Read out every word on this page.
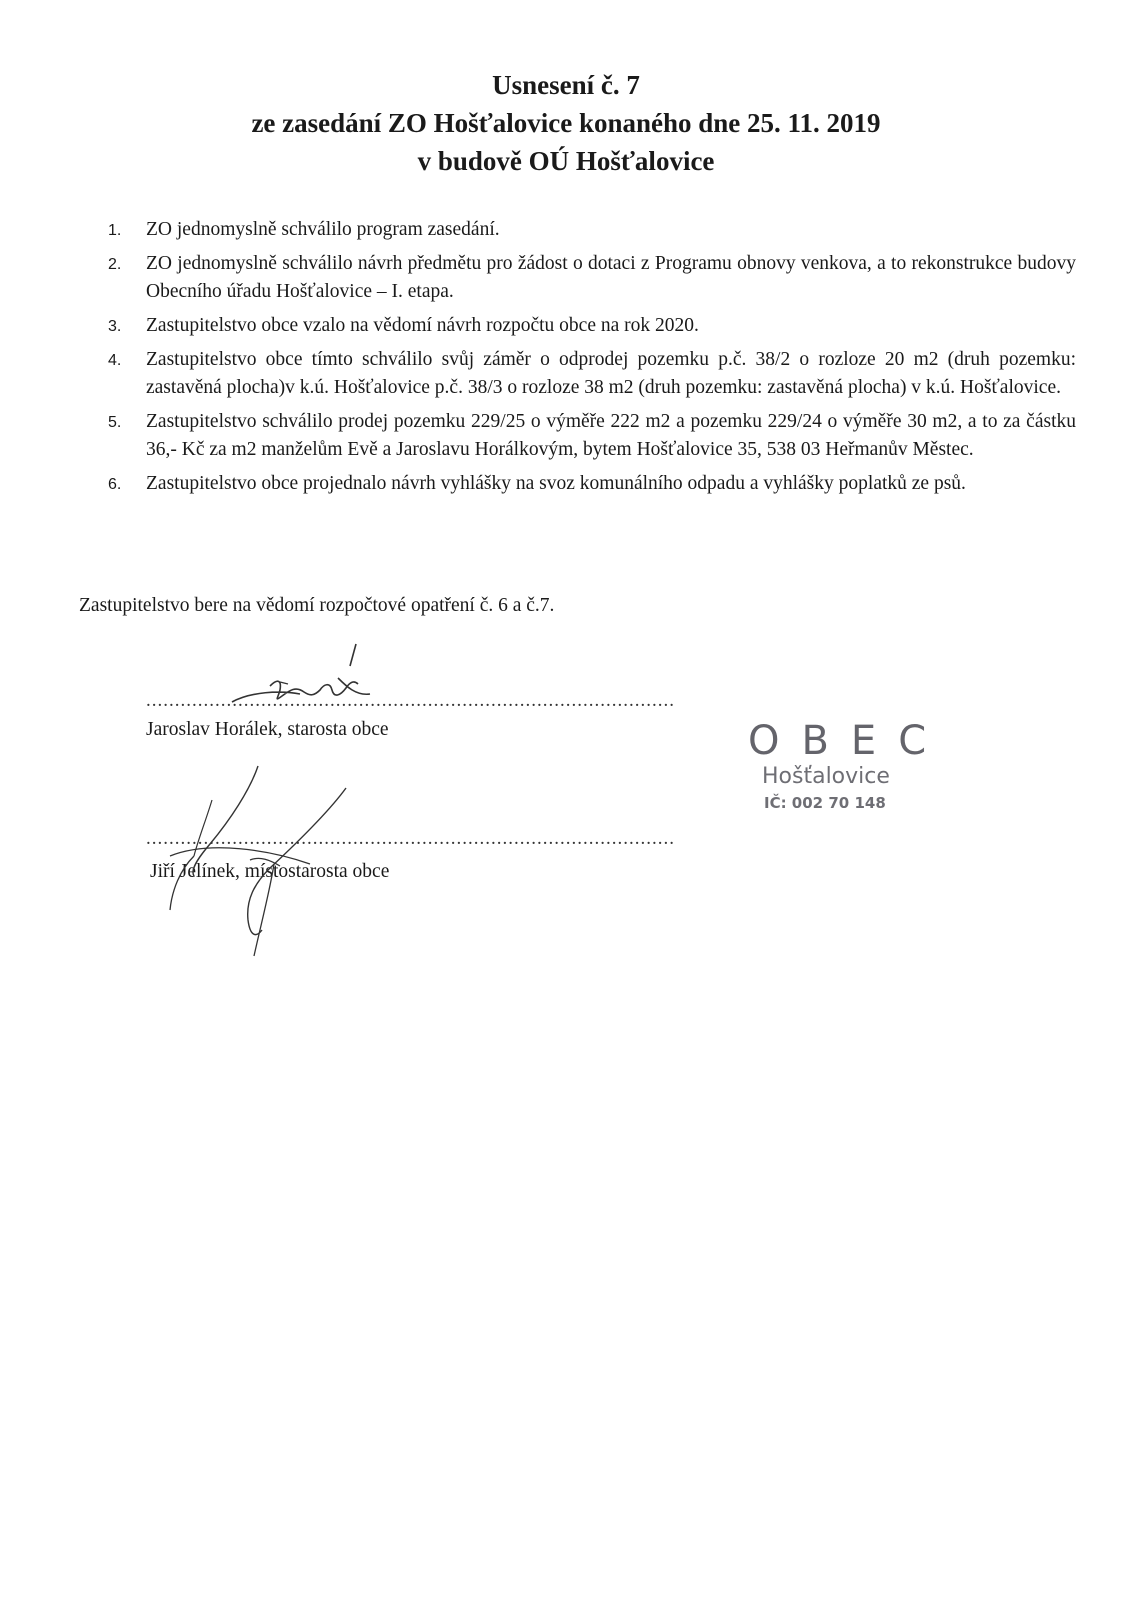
Usnesení č. 7
ze zasedání ZO Hošťalovice konaného dne 25. 11. 2019
v budově OÚ Hošťalovice
1. ZO jednomyslně schválilo program zasedání.
2. ZO jednomyslně schválilo návrh předmětu pro žádost o dotaci z Programu obnovy venkova, a to rekonstrukce budovy Obecního úřadu Hošťalovice – I. etapa.
3. Zastupitelstvo obce vzalo na vědomí návrh rozpočtu obce na rok 2020.
4. Zastupitelstvo obce tímto schválilo svůj záměr o odprodej pozemku p.č. 38/2 o rozloze 20 m2 (druh pozemku: zastavěná plocha)v k.ú. Hošťalovice p.č. 38/3 o rozloze 38 m2 (druh pozemku: zastavěná plocha) v k.ú. Hošťalovice.
5. Zastupitelstvo schválilo prodej pozemku 229/25 o výměře 222 m2 a pozemku 229/24 o výměře 30 m2, a to za částku 36,- Kč za m2 manželům Evě a Jaroslavu Horálkovým, bytem Hošťalovice 35, 538 03 Heřmanův Městec.
6. Zastupitelstvo obce projednalo návrh vyhlášky na svoz komunálního odpadu a vyhlášky poplatků ze psů.
Zastupitelstvo bere na vědomí rozpočtové opatření č. 6 a č.7.
............................................................................................
Jaroslav Horálek, starosta obce
............................................................................................
Jiří Jelínek, místostarosta obce
OBEC
Hošťalovice
IČ: 002 70 148
